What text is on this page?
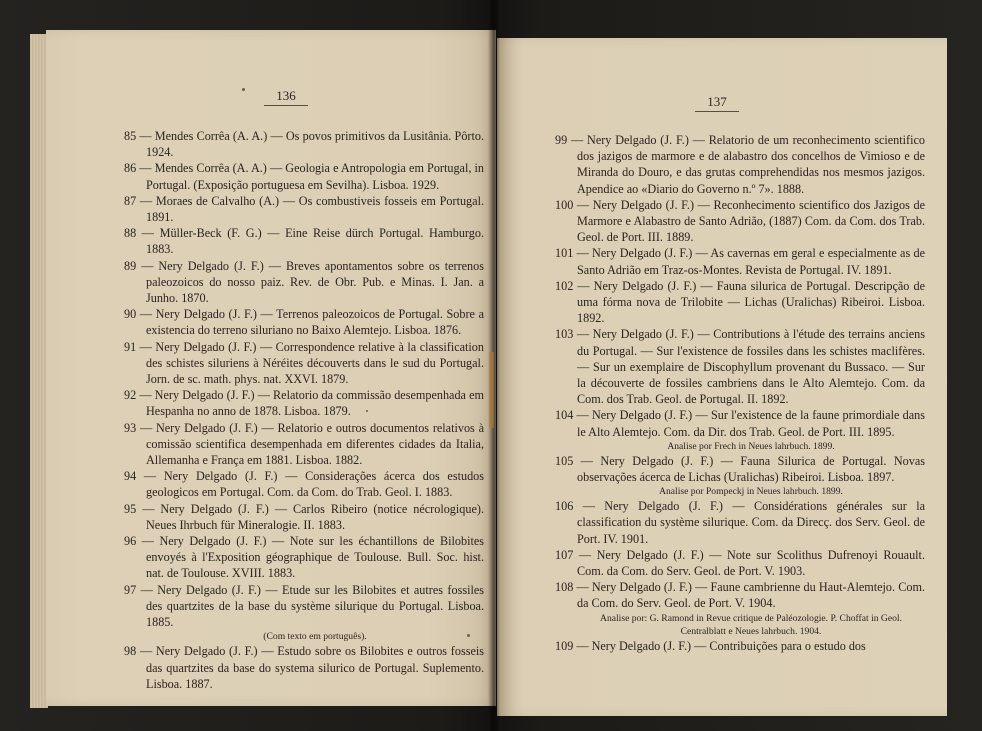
136
85 — Mendes Corrêa (A. A.) — Os povos primitivos da Lusitânia. Pôrto. 1924.
86 — Mendes Corrêa (A. A.) — Geologia e Antropologia em Portugal, in Portugal. (Exposição portuguesa em Sevilha). Lisboa. 1929.
87 — Moraes de Calvalho (A.) — Os combustiveis fosseis em Portugal. 1891.
88 — Müller-Beck (F. G.) — Eine Reise dürch Portugal. Hamburgo. 1883.
89 — Nery Delgado (J. F.) — Breves apontamentos sobre os terrenos paleozoicos do nosso paiz. Rev. de Obr. Pub. e Minas. I. Jan. a Junho. 1870.
90 — Nery Delgado (J. F.) — Terrenos paleozoicos de Portugal. Sobre a existencia do terreno siluriano no Baixo Alemtejo. Lisboa. 1876.
91 — Nery Delgado (J. F.) — Correspondence relative à la classification des schistes siluriens à Néréites découverts dans le sud du Portugal. Jorn. de sc. math. phys. nat. XXVI. 1879.
92 — Nery Delgado (J. F.) — Relatorio da commissão desempenhada em Hespanha no anno de 1878. Lisboa. 1879.
93 — Nery Delgado (J. F.) — Relatorio e outros documentos relativos à comissão scientifica desempenhada em diferentes cidades da Italia, Allemanha e França em 1881. Lisboa. 1882.
94 — Nery Delgado (J. F.) — Considerações ácerca dos estudos geologicos em Portugal. Com. da Com. do Trab. Geol. I. 1883.
95 — Nery Delgado (J. F.) — Carlos Ribeiro (notice nécrologique). Neues Ihrbuch für Mineralogie. II. 1883.
96 — Nery Delgado (J. F.) — Note sur les échantillons de Bilobites envoyés à l'Exposition géographique de Toulouse. Bull. Soc. hist. nat. de Toulouse. XVIII. 1883.
97 — Nery Delgado (J. F.) — Etude sur les Bilobites et autres fossiles des quartzites de la base du système silurique du Portugal. Lisboa. 1885.
(Com texto em português).
98 — Nery Delgado (J. F.) — Estudo sobre os Bilobites e outros fosseis das quartzites da base do systema silurico de Portugal. Suplemento. Lisboa. 1887.
137
99 — Nery Delgado (J. F.) — Relatorio de um reconhecimento scientifico dos jazigos de marmore e de alabastro dos concelhos de Vimioso e de Miranda do Douro, e das grutas comprehendidas nos mesmos jazigos. Apendice ao «Diario do Governo n.º 7». 1888.
100 — Nery Delgado (J. F.) — Reconhecimento scientifico dos Jazigos de Marmore e Alabastro de Santo Adrião, (1887) Com. da Com. dos Trab. Geol. de Port. III. 1889.
101 — Nery Delgado (J. F.) — As cavernas em geral e especialmente as de Santo Adrião em Traz-os-Montes. Revista de Portugal. IV. 1891.
102 — Nery Delgado (J. F.) — Fauna silurica de Portugal. Descripção de uma fórma nova de Trilobite — Lichas (Uralichas) Ribeiroi. Lisboa. 1892.
103 — Nery Delgado (J. F.) — Contributions à l'étude des terrains anciens du Portugal. — Sur l'existence de fossiles dans les schistes maclifères. — Sur un exemplaire de Discophyllum provenant du Bussaco. — Sur la découverte de fossiles cambriens dans le Alto Alemtejo. Com. da Com. dos Trab. Geol. de Portugal. II. 1892.
104 — Nery Delgado (J. F.) — Sur l'existence de la faune primordiale dans le Alto Alemtejo. Com. da Dir. dos Trab. Geol. de Port. III. 1895.
Analise por Frech in Neues lahrbuch. 1899.
105 — Nery Delgado (J. F.) — Fauna Silurica de Portugal. Novas observações ácerca de Lichas (Uralichas) Ribeiroi. Lisboa. 1897.
Analise por Pompeckj in Neues lahrbuch. 1899.
106 — Nery Delgado (J. F.) — Considérations générales sur la classification du système silurique. Com. da Direcç. dos Serv. Geol. de Port. IV. 1901.
107 — Nery Delgado (J. F.) — Note sur Scolithus Dufrenoyi Rouault. Com. da Com. do Serv. Geol. de Port. V. 1903.
108 — Nery Delgado (J. F.) — Faune cambrienne du Haut-Alemtejo. Com. da Com. do Serv. Geol. de Port. V. 1904.
Analise por: G. Ramond in Revue critique de Paléozologie. P. Choffat in Geol. Centralblatt e Neues lahrbuch. 1904.
109 — Nery Delgado (J. F.) — Contribuições para o estudo dos
